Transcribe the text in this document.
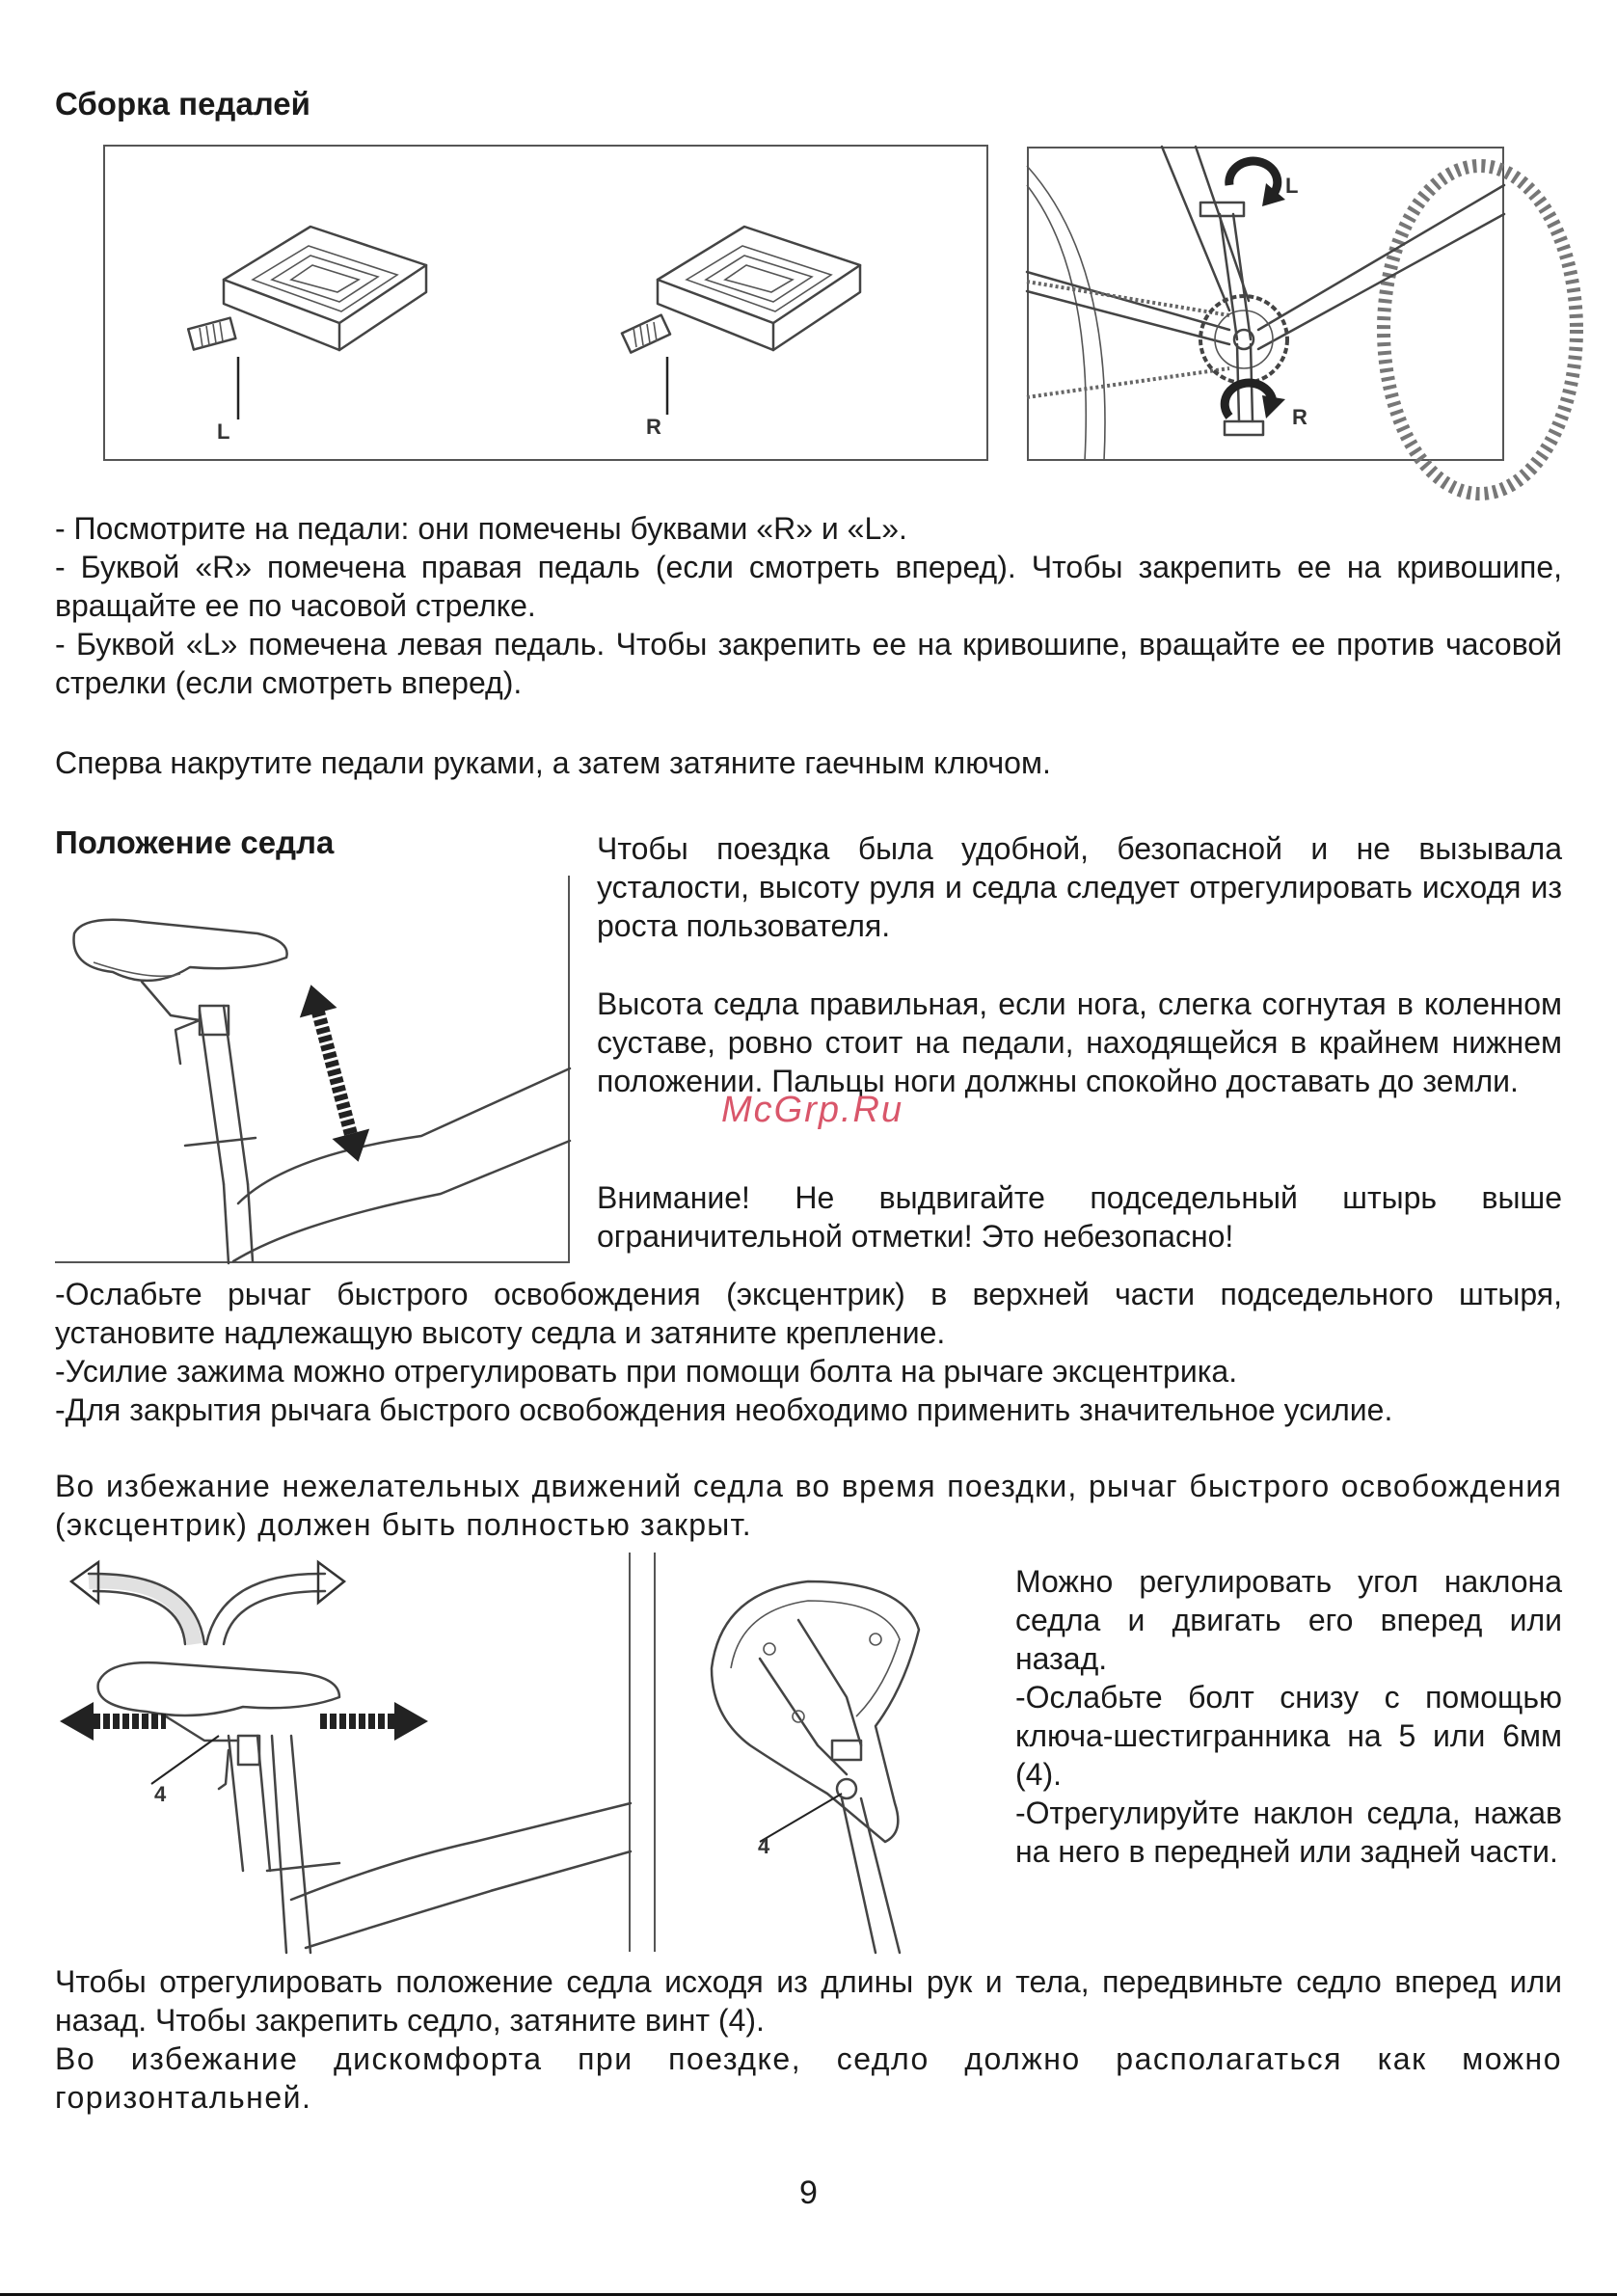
Сборка педалей
L	R
L
R

- Посмотрите на педали: они помечены буквами «R» и «L».

- Буквой «R» помечена правая педаль (если смотреть вперед). Чтобы закрепить ее на кривошипе, вращайте ее по часовой стрелке.

- Буквой «L» помечена левая педаль. Чтобы закрепить ее на кривошипе, вращайте ее против часовой стрелки (если смотреть вперед).

Сперва накрутите педали руками, а затем затяните гаечным ключом.
Положение седла	Чтобы поездка была удобной, безопасной и не вызывала усталости, высоту руля и седла следует отрегулировать исходя из роста пользователя.
Высота седла правильная, если нога, слегка согнутая в коленном суставе, ровно стоит на педали, находящейся в крайнем нижнем положении. Пальцы ноги должны спокойно доставать до земли.
McGrp.Ru
Внимание! Не выдвигайте подседельный штырь выше ограничительной отметки! Это небезопасно!

-Ослабьте рычаг быстрого освобождения (эксцентрик) в верхней части подседельного штыря, установите надлежащую высоту седла и затяните крепление.

-Усилие зажима можно отрегулировать при помощи болта на рычаге эксцентрика.

-Для закрытия рычага быстрого освобождения необходимо применить значительное усилие.

Во избежание нежелательных движений седла во время поездки, рычаг быстрого освобождения (эксцентрик) должен быть полностью закрыт.
4
4

Можно регулировать угол наклона седла и двигать его вперед или назад.

-Ослабьте болт снизу с помощью ключа-шестигранника на 5 или 6мм (4).

-Отрегулируйте наклон седла, нажав на него в передней или задней части.

Чтобы отрегулировать положение седла исходя из длины рук и тела, передвиньте седло вперед или назад. Чтобы закрепить седло, затяните винт (4).
Во избежание дискомфорта при поездке, седло должно располагаться как можно горизонтальней.
9
